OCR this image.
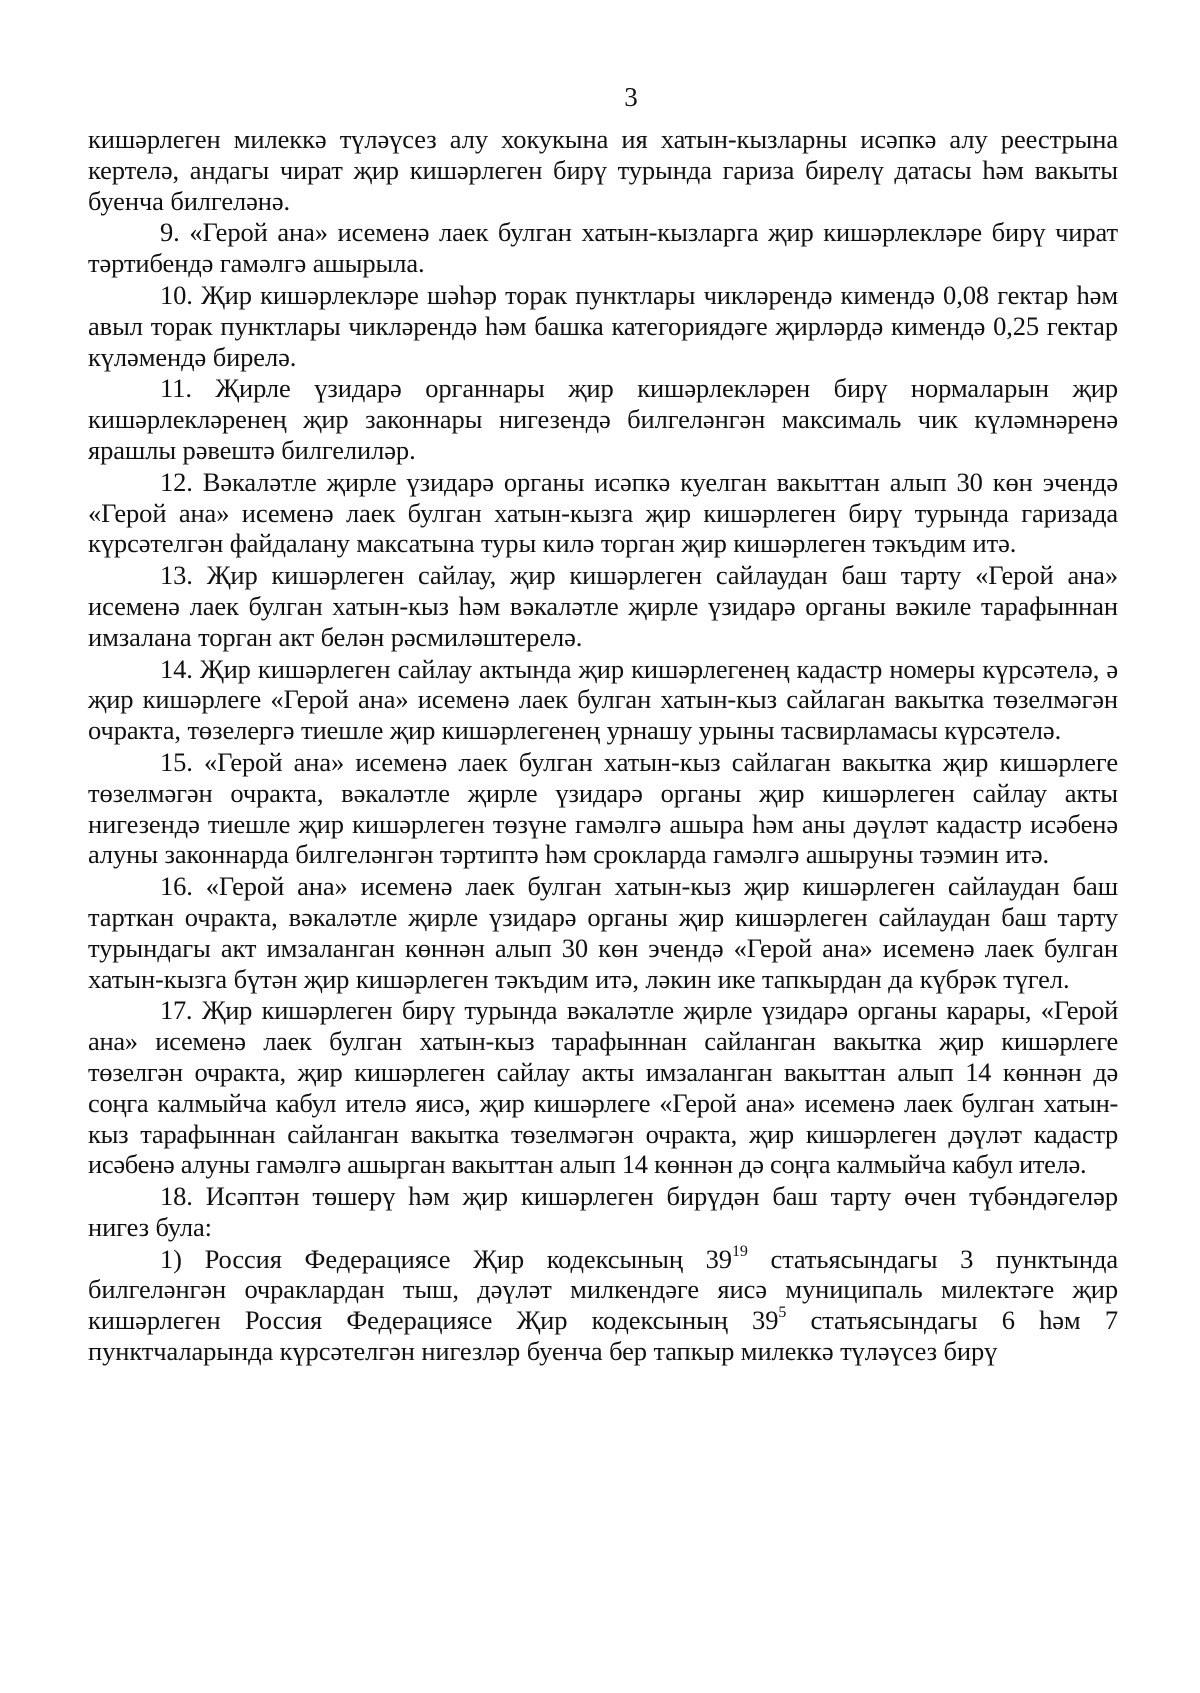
3

кишәрлеген милеккә түләүсез алу хокукына ия хатын-кызларны исәпкә алу реестрына кертелә, андагы чират җир кишәрлеген бирү турында гариза бирелү датасы һәм вакыты буенча билгеләнә.

9. «Герой ана» исеменә лаек булган хатын-кызларга җир кишәрлекләре бирү чират тәртибендә гамәлгә ашырыла.

10. Җир кишәрлекләре шәһәр торак пунктлары чикләрендә кимендә 0,08 гектар һәм авыл торак пунктлары чикләрендә һәм башка категориядәге җирләрдә кимендә 0,25 гектар күләмендә бирелә.

11. Җирле үзидарә органнары җир кишәрлекләрен бирү нормаларын җир кишәрлекләренең җир законнары нигезендә билгеләнгән максималь чик күләмнәренә ярашлы рәвештә билгелиләр.

12. Вәкаләтле җирле үзидарә органы исәпкә куелган вакыттан алып 30 көн эчендә «Герой ана» исеменә лаек булган хатын-кызга җир кишәрлеген бирү турында гаризада күрсәтелгән файдалану максатына туры килә торган җир кишәрлеген тәкъдим итә.

13. Җир кишәрлеген сайлау, җир кишәрлеген сайлаудан баш тарту «Герой ана» исеменә лаек булган хатын-кыз һәм вәкаләтле җирле үзидарә органы вәкиле тарафыннан имзалана торган акт белән рәсмиләштерелә.

14. Җир кишәрлеген сайлау актында җир кишәрлегенең кадастр номеры күрсәтелә, ә җир кишәрлеге «Герой ана» исеменә лаек булган хатын-кыз сайлаган вакытка төзелмәгән очракта, төзелергә тиешле җир кишәрлегенең урнашу урыны тасвирламасы күрсәтелә.

15. «Герой ана» исеменә лаек булган хатын-кыз сайлаган вакытка җир кишәрлеге төзелмәгән очракта, вәкаләтле җирле үзидарә органы җир кишәрлеген сайлау акты нигезендә тиешле җир кишәрлеген төзүне гамәлгә ашыра һәм аны дәүләт кадастр исәбенә алуны законнарда билгеләнгән тәртиптә һәм срокларда гамәлгә ашыруны тәэмин итә.

16. «Герой ана» исеменә лаек булган хатын-кыз җир кишәрлеген сайлаудан баш тарткан очракта, вәкаләтле җирле үзидарә органы җир кишәрлеген сайлаудан баш тарту турындагы акт имзаланган көннән алып 30 көн эчендә «Герой ана» исеменә лаек булган хатын-кызга бүтән җир кишәрлеген тәкъдим итә, ләкин ике тапкырдан да күбрәк түгел.

17. Җир кишәрлеген бирү турында вәкаләтле җирле үзидарә органы карары, «Герой ана» исеменә лаек булган хатын-кыз тарафыннан сайланган вакытка җир кишәрлеге төзелгән очракта, җир кишәрлеген сайлау акты имзаланган вакыттан алып 14 көннән дә соңга калмыйча кабул ителә яисә, җир кишәрлеге «Герой ана» исеменә лаек булган хатын-кыз тарафыннан сайланган вакытка төзелмәгән очракта, җир кишәрлеген дәүләт кадастр исәбенә алуны гамәлгә ашырган вакыттан алып 14 көннән дә соңга калмыйча кабул ителә.

18. Исәптән төшерү һәм җир кишәрлеген бирүдән баш тарту өчен түбәндәгеләр нигез була:

1) Россия Федерациясе Җир кодексының $39^{19}$ статьясындагы 3 пунктында билгеләнгән очраклардан тыш, дәүләт милкендәге яисә муниципаль милектәге җир кишәрлеген Россия Федерациясе Җир кодексының $39^5$ статьясындагы 6 һәм 7 пунктчаларында күрсәтелгән нигезләр буенча бер тапкыр милеккә түләүсез бирү
